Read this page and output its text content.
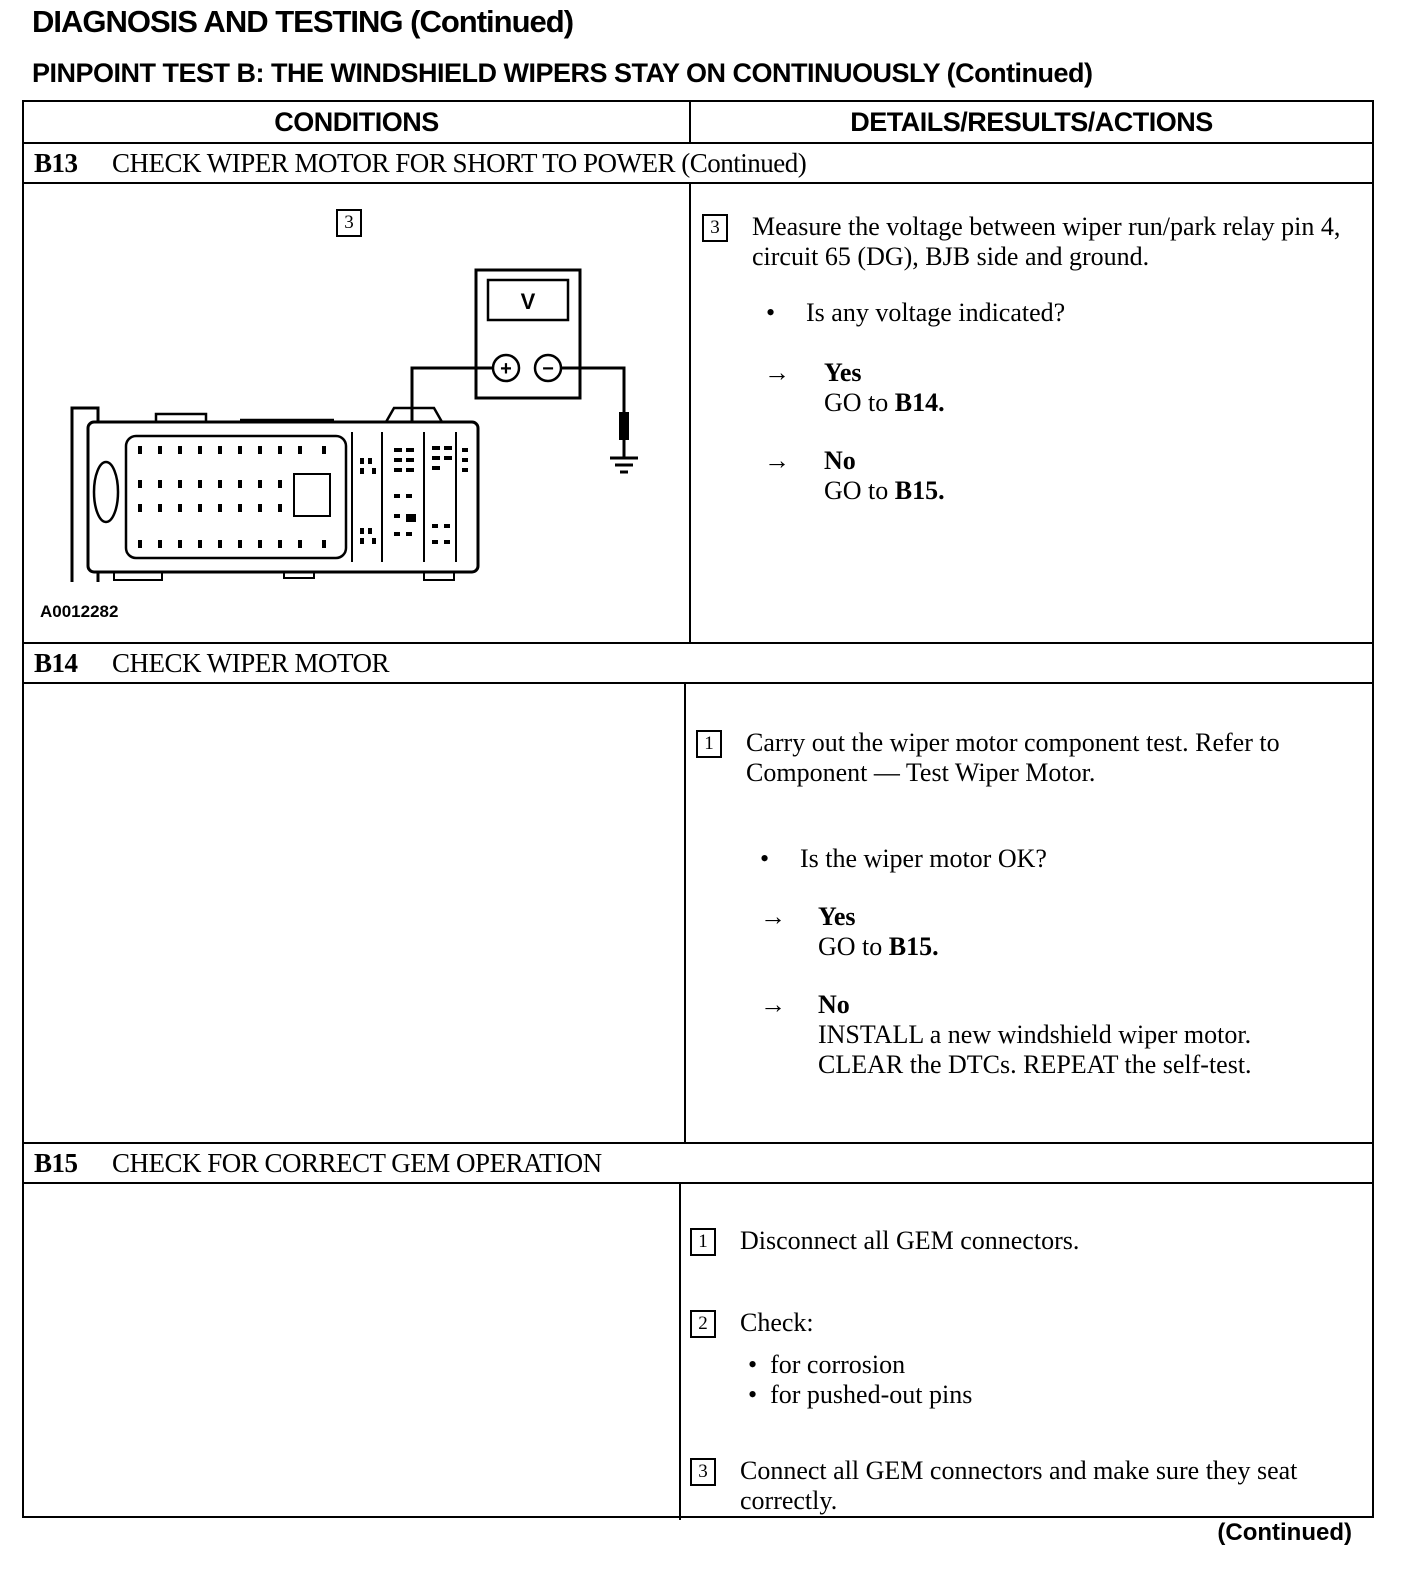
DIAGNOSIS AND TESTING (Continued)
PINPOINT TEST B: THE WINDSHIELD WIPERS STAY ON CONTINUOUSLY (Continued)
CONDITIONS	DETAILS/RESULTS/ACTIONS
B13	CHECK WIPER MOTOR FOR SHORT TO POWER (Continued)
3
V
+ −
A0012282
3	Measure the voltage between wiper run/park relay pin 4, circuit 65 (DG), BJB side and ground.
• Is any voltage indicated?
→ Yes
GO to B14.
→ No
GO to B15.
B14	CHECK WIPER MOTOR
1	Carry out the wiper motor component test. Refer to Component — Test Wiper Motor.
• Is the wiper motor OK?
→ Yes
GO to B15.
→ No
INSTALL a new windshield wiper motor.
CLEAR the DTCs. REPEAT the self-test.
B15	CHECK FOR CORRECT GEM OPERATION
1	Disconnect all GEM connectors.
2	Check:
• for corrosion
• for pushed-out pins
3	Connect all GEM connectors and make sure they seat correctly.
(Continued)
